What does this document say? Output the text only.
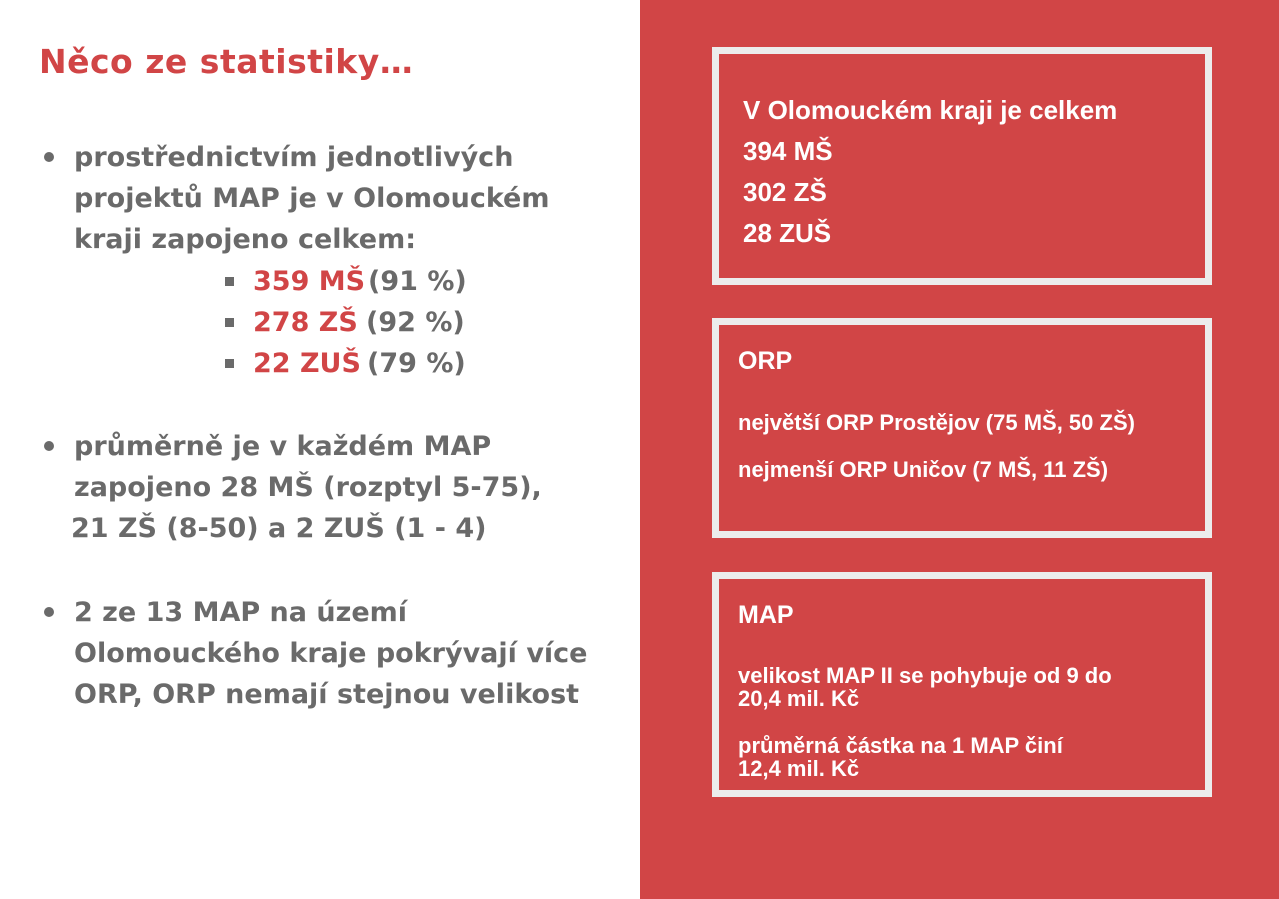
Něco ze statistiky…
prostřednictvím jednotlivých
projektů MAP je v Olomouckém
kraji zapojeno celkem:
359 MŠ (91 %)
278 ZŠ (92 %)
22 ZUŠ (79 %)
průměrně je v každém MAP
zapojeno 28 MŠ (rozptyl 5-75),
21 ZŠ (8-50) a 2 ZUŠ (1 - 4)
2 ze 13 MAP na území
Olomouckého kraje pokrývají více
ORP, ORP nemají stejnou velikost
V Olomouckém kraji je celkem
394 MŠ
302 ZŠ
28 ZUŠ
ORP
největší ORP Prostějov (75 MŠ, 50 ZŠ)
nejmenší ORP Uničov (7 MŠ, 11 ZŠ)
MAP
velikost MAP II se pohybuje od 9 do
20,4 mil. Kč
průměrná částka na 1 MAP činí
12,4 mil. Kč
